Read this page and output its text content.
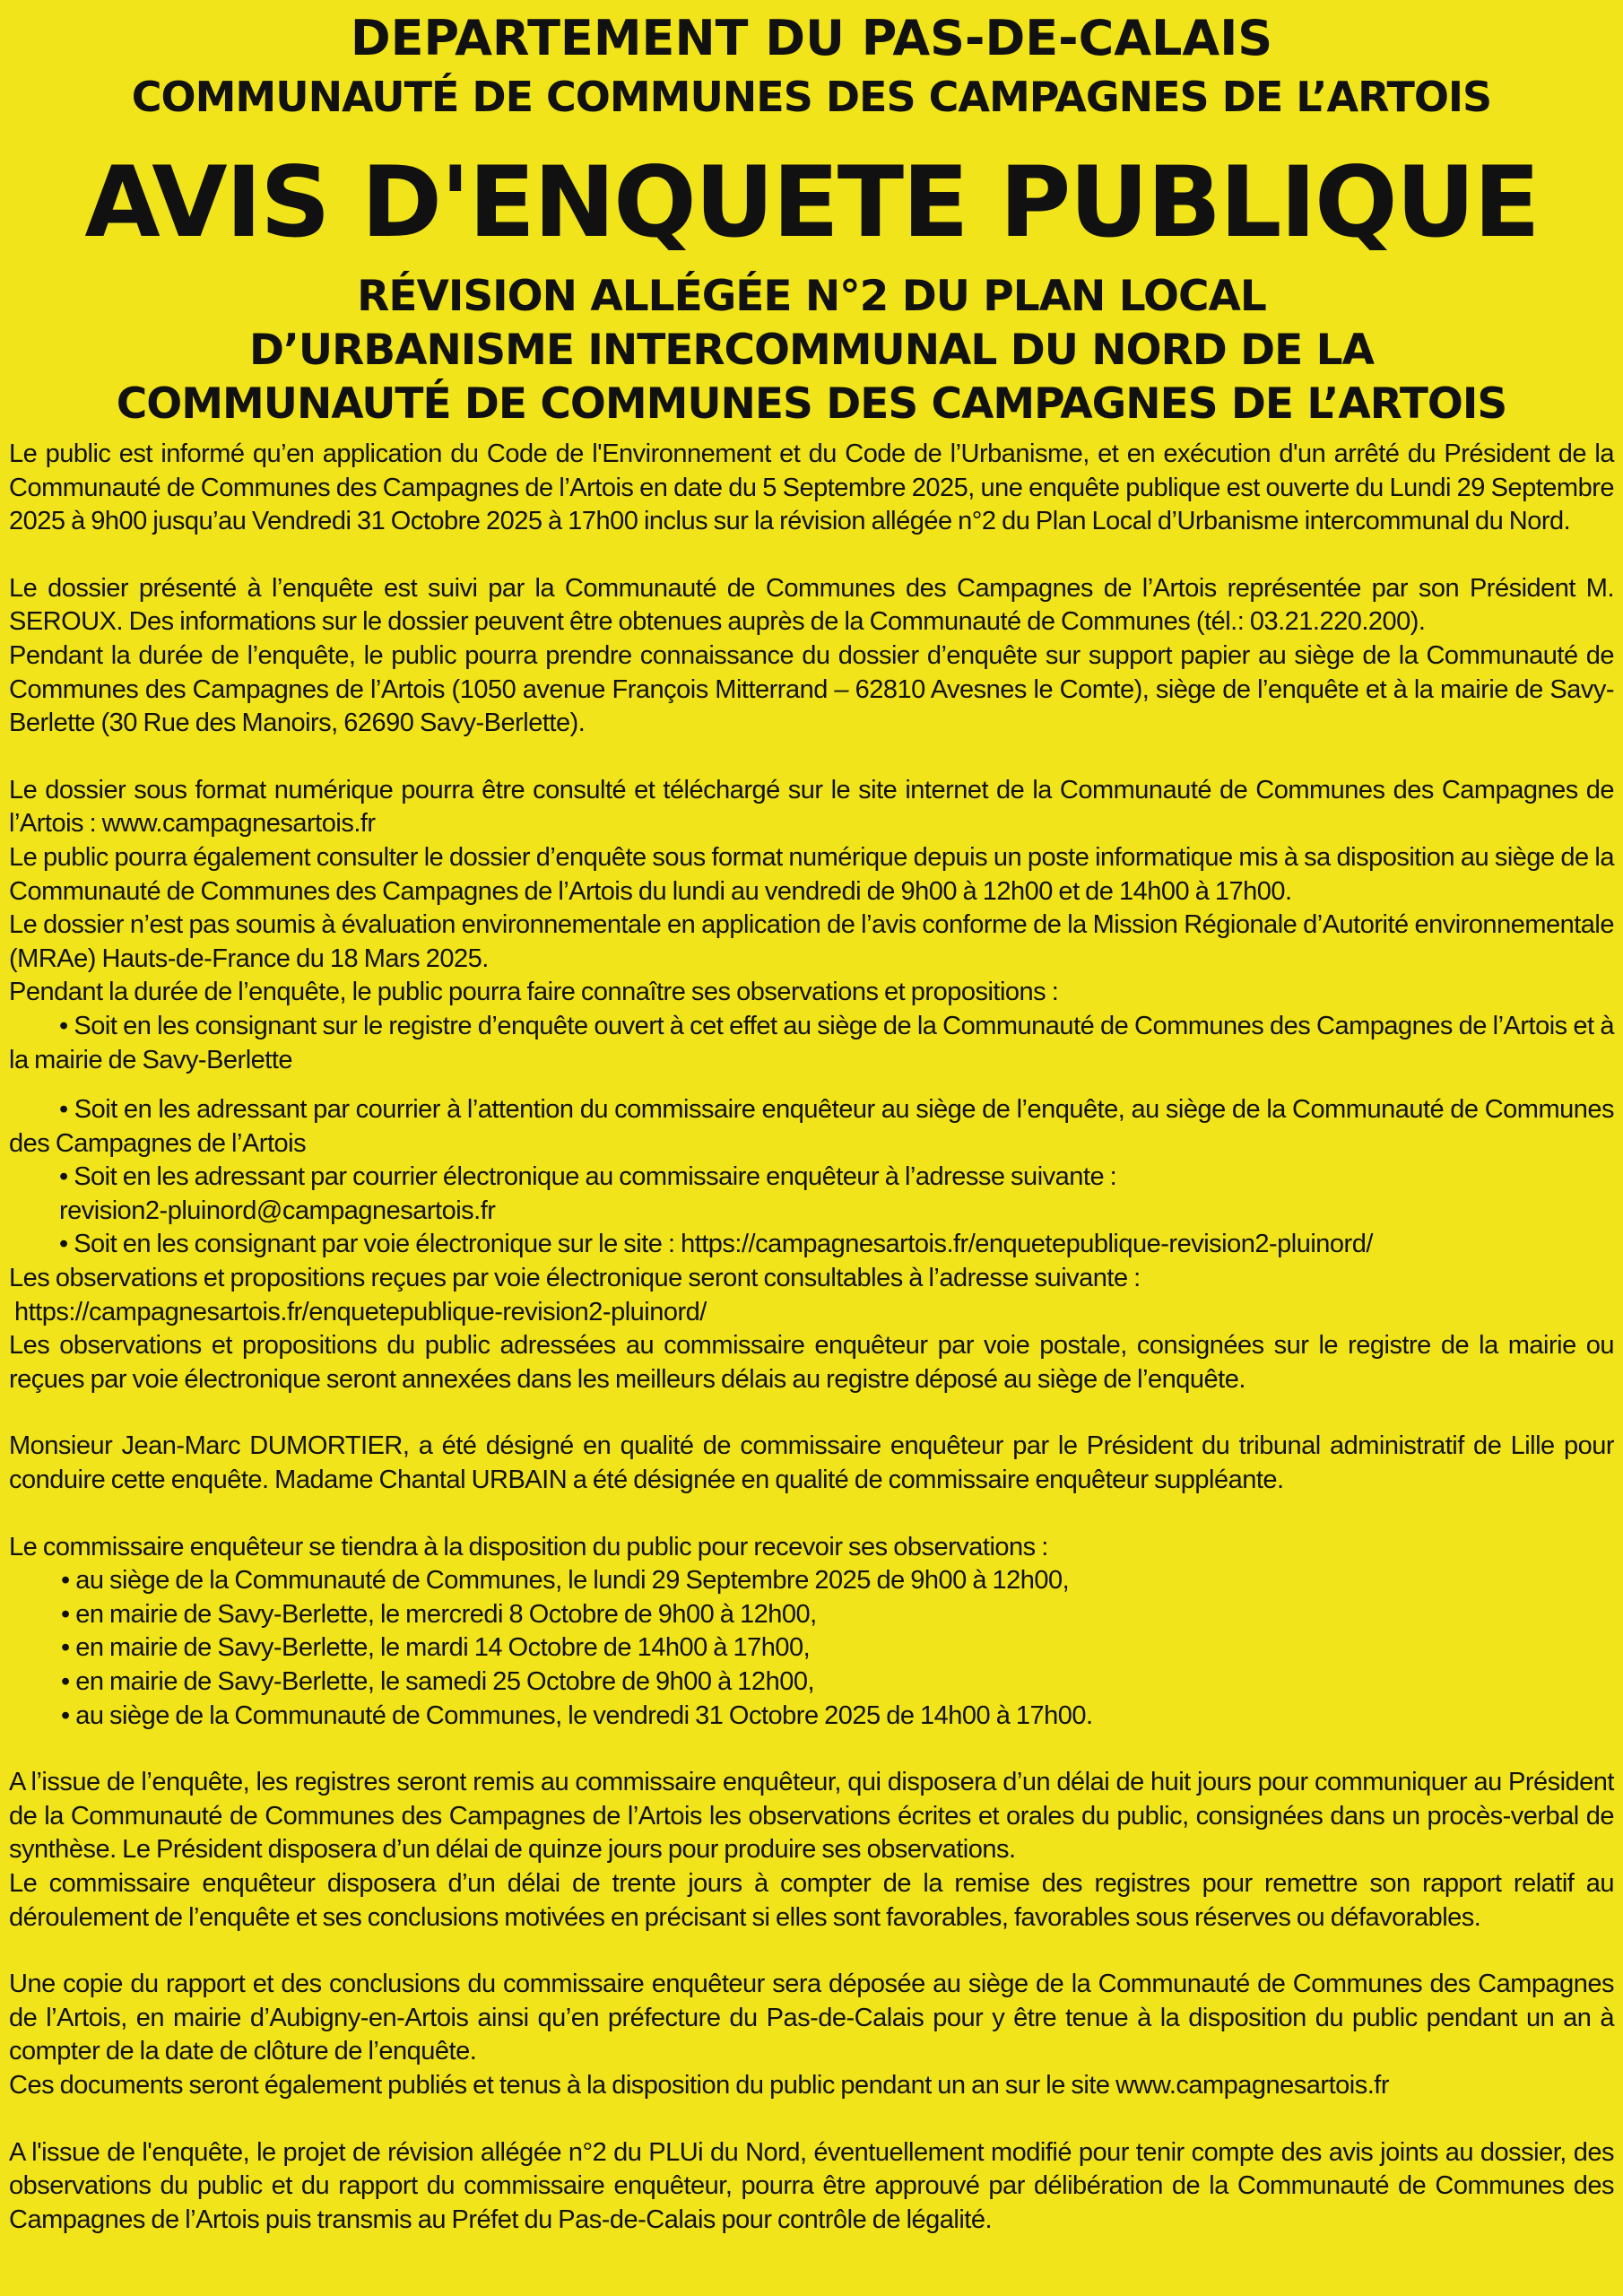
DEPARTEMENT DU PAS-DE-CALAIS
COMMUNAUTÉ DE COMMUNES DES CAMPAGNES DE L’ARTOIS
AVIS D'ENQUETE PUBLIQUE
RÉVISION ALLÉGÉE N°2 DU PLAN LOCAL
D’URBANISME INTERCOMMUNAL DU NORD DE LA
COMMUNAUTÉ DE COMMUNES DES CAMPAGNES DE L’ARTOIS

Le public est informé qu’en application du Code de l'Environnement et du Code de l’Urbanisme, et en exécution d'un arrêté du Président de la Communauté de Communes des Campagnes de l’Artois en date du 5 Septembre 2025, une enquête publique est ouverte du Lundi 29 Septembre 2025 à 9h00 jusqu’au Vendredi 31 Octobre 2025 à 17h00 inclus sur la révision allégée n°2 du Plan Local d’Urbanisme intercommunal du Nord.

Le dossier présenté à l’enquête est suivi par la Communauté de Communes des Campagnes de l’Artois représentée par son Président M. SEROUX. Des informations sur le dossier peuvent être obtenues auprès de la Communauté de Communes (tél.: 03.21.220.200).

Pendant la durée de l’enquête, le public pourra prendre connaissance du dossier d’enquête sur support papier au siège de la Communauté de Communes des Campagnes de l’Artois (1050 avenue François Mitterrand – 62810 Avesnes le Comte), siège de l’enquête et à la mairie de Savy-Berlette (30 Rue des Manoirs, 62690 Savy-Berlette).

Le dossier sous format numérique pourra être consulté et téléchargé sur le site internet de la Communauté de Communes des Campagnes de l’Artois : www.campagnesartois.fr

Le public pourra également consulter le dossier d’enquête sous format numérique depuis un poste informatique mis à sa disposition au siège de la Communauté de Communes des Campagnes de l’Artois du lundi au vendredi de 9h00 à 12h00 et de 14h00 à 17h00.

Le dossier n’est pas soumis à évaluation environnementale en application de l’avis conforme de la Mission Régionale d’Autorité environnementale (MRAe) Hauts-de-France du 18 Mars 2025.

Pendant la durée de l’enquête, le public pourra faire connaître ses observations et propositions :

• Soit en les consignant sur le registre d’enquête ouvert à cet effet au siège de la Communauté de Communes des Campagnes de l’Artois et à la mairie de Savy-Berlette

• Soit en les adressant par courrier à l’attention du commissaire enquêteur au siège de l’enquête, au siège de la Communauté de Communes des Campagnes de l’Artois

• Soit en les adressant par courrier électronique au commissaire enquêteur à l’adresse suivante :

revision2-pluinord@campagnesartois.fr

• Soit en les consignant par voie électronique sur le site : https://campagnesartois.fr/enquetepublique-revision2-pluinord/

Les observations et propositions reçues par voie électronique seront consultables à l’adresse suivante :

https://campagnesartois.fr/enquetepublique-revision2-pluinord/

Les observations et propositions du public adressées au commissaire enquêteur par voie postale, consignées sur le registre de la mairie ou reçues par voie électronique seront annexées dans les meilleurs délais au registre déposé au siège de l’enquête.

Monsieur Jean-Marc DUMORTIER, a été désigné en qualité de commissaire enquêteur par le Président du tribunal administratif de Lille pour conduire cette enquête. Madame Chantal URBAIN a été désignée en qualité de commissaire enquêteur suppléante.

Le commissaire enquêteur se tiendra à la disposition du public pour recevoir ses observations :

• au siège de la Communauté de Communes, le lundi 29 Septembre 2025 de 9h00 à 12h00,

• en mairie de Savy-Berlette, le mercredi 8 Octobre de 9h00 à 12h00,

• en mairie de Savy-Berlette, le mardi 14 Octobre de 14h00 à 17h00,

• en mairie de Savy-Berlette, le samedi 25 Octobre de 9h00 à 12h00,

• au siège de la Communauté de Communes, le vendredi 31 Octobre 2025 de 14h00 à 17h00.

A l’issue de l’enquête, les registres seront remis au commissaire enquêteur, qui disposera d’un délai de huit jours pour communiquer au Président de la Communauté de Communes des Campagnes de l’Artois les observations écrites et orales du public, consignées dans un procès-verbal de synthèse. Le Président disposera d’un délai de quinze jours pour produire ses observations.

Le commissaire enquêteur disposera d’un délai de trente jours à compter de la remise des registres pour remettre son rapport relatif au déroulement de l’enquête et ses conclusions motivées en précisant si elles sont favorables, favorables sous réserves ou défavorables.

Une copie du rapport et des conclusions du commissaire enquêteur sera déposée au siège de la Communauté de Communes des Campagnes de l’Artois, en mairie d’Aubigny-en-Artois ainsi qu’en préfecture du Pas-de-Calais pour y être tenue à la disposition du public pendant un an à compter de la date de clôture de l’enquête.

Ces documents seront également publiés et tenus à la disposition du public pendant un an sur le site www.campagnesartois.fr

A l'issue de l'enquête, le projet de révision allégée n°2 du PLUi du Nord, éventuellement modifié pour tenir compte des avis joints au dossier, des observations du public et du rapport du commissaire enquêteur, pourra être approuvé par délibération de la Communauté de Communes des Campagnes de l’Artois puis transmis au Préfet du Pas-de-Calais pour contrôle de légalité.
